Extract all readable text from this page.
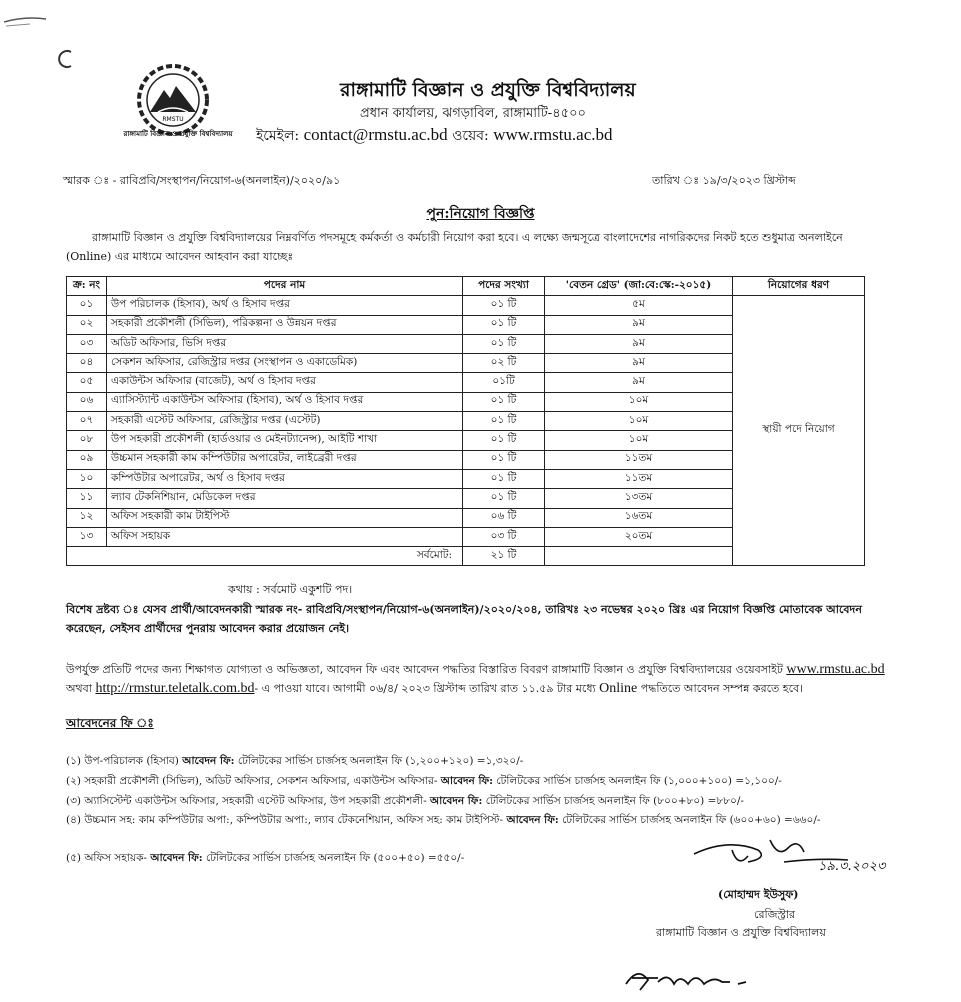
RMSTU
রাঙ্গামাটি বিজ্ঞান ও প্রযুক্তি বিশ্ববিদ্যালয়
রাঙ্গামাটি বিজ্ঞান ও প্রযুক্তি বিশ্ববিদ্যালয়
প্রধান কার্যালয়, ঝগড়াবিল, রাঙ্গামাটি-৪৫০০
ইমেইল: contact@rmstu.ac.bd ওয়েব: www.rmstu.ac.bd
স্মারক ঃ - রাবিপ্রবি/সংস্থাপন/নিয়োগ-৬(অনলাইন)/২০২০/৯১	তারিখ ঃ ১৯/৩/২০২৩ খ্রিস্টাব্দ
পুন:নিয়োগ বিজ্ঞপ্তি
রাঙ্গামাটি বিজ্ঞান ও প্রযুক্তি বিশ্ববিদ্যালয়ের নিম্নবর্ণিত পদসমূহে কর্মকর্তা ও কর্মচারী নিয়োগ করা হবে। এ লক্ষ্যে জন্মসূত্রে বাংলাদেশের নাগরিকদের নিকট হতে শুধুমাত্র অনলাইনে (Online) এর মাধ্যমে আবেদন আহবান করা যাচ্ছেঃ
ক্র: নং	পদের নাম	পদের সংখ্যা	'বেতন গ্রেড' (জা:বে:স্কে:-২০১৫)	নিয়োগের ধরণ
০১	উপ পরিচালক (হিসাব), অর্থ ও হিসাব দপ্তর	০১ টি	৫ম	স্থায়ী পদে নিয়োগ
০২	সহকারী প্রকৌশলী (সিভিল), পরিকল্পনা ও উন্নয়ন দপ্তর	০১ টি	৯ম	
০৩	অডিট অফিসার, ভিসি দপ্তর	০১ টি	৯ম	
০৪	সেকশন অফিসার, রেজিস্ট্রার দপ্তর (সংস্থাপন ও একাডেমিক)	০২ টি	৯ম	
০৫	একাউন্টস অফিসার (বাজেট), অর্থ ও হিসাব দপ্তর	০১টি	৯ম	
০৬	এ্যাসিস্ট্যান্ট একাউন্টস অফিসার (হিসাব), অর্থ ও হিসাব দপ্তর	০১ টি	১০ম	
০৭	সহকারী এস্টেট অফিসার, রেজিস্ট্রার দপ্তর (এস্টেট)	০১ টি	১০ম	
০৮	উপ সহকারী প্রকৌশলী (হার্ডওয়ার ও মেইনট্যানেন্স), আইটি শাখা	০১ টি	১০ম	
০৯	উচ্চমান সহকারী কাম কম্পিউটার অপারেটর, লাইব্রেরী দপ্তর	০১ টি	১১তম	
১০	কম্পিউটার অপারেটর, অর্থ ও হিসাব দপ্তর	০১ টি	১১তম	
১১	ল্যাব টেকনিশিয়ান, মেডিকেল দপ্তর	০১ টি	১৩তম	
১২	অফিস সহকারী কাম টাইপিস্ট	০৬ টি	১৬তম	
১৩	অফিস সহায়ক	০৩ টি	২০তম	
সর্বমোট:		২১ টি		
কথায় : সর্বমোট একুশটি পদ।
বিশেষ দ্রষ্টব্য ঃ যেসব প্রার্থী/আবেদনকারী স্মারক নং- রাবিপ্রবি/সংস্থাপন/নিয়োগ-৬(অনলাইন)/২০২০/২০৪, তারিখঃ ২৩ নভেম্বর ২০২০ খ্রিঃ এর নিয়োগ বিজ্ঞপ্তি মোতাবেক আবেদন করেছেন, সেইসব প্রার্থীদের পুনরায় আবেদন করার প্রয়োজন নেই।
উপর্যুক্ত প্রতিটি পদের জন্য শিক্ষাগত যোগ্যতা ও অভিজ্ঞতা, আবেদন ফি এবং আবেদন পদ্ধতির বিস্তারিত বিবরণ রাঙ্গামাটি বিজ্ঞান ও প্রযুক্তি বিশ্ববিদ্যালয়ের ওয়েবসাইট www.rmstu.ac.bd অথবা http://rmstur.teletalk.com.bd- এ পাওয়া যাবে। আগামী ০৬/৪/ ২০২৩ খ্রিস্টাব্দ তারিখ রাত ১১.৫৯ টার মধ্যে Online পদ্ধতিতে আবেদন সম্পন্ন করতে হবে।
আবেদনের ফি ঃ
(১) উপ-পরিচালক (হিসাব) আবেদন ফি: টেলিটকের সার্ভিস চার্জসহ অনলাইন ফি (১,২০০+১২০) =১,৩২০/-
(২) সহকারী প্রকৌশলী (সিভিল), অডিট অফিসার, সেকশন অফিসার, একাউন্টস অফিসার- আবেদন ফি: টেলিটকের সার্ভিস চার্জসহ অনলাইন ফি (১,০০০+১০০) =১,১০০/-
(৩) অ্যাসিস্টেন্ট একাউন্টস অফিসার, সহকারী এস্টেট অফিসার, উপ সহকারী প্রকৌশলী- আবেদন ফি: টেলিটকের সার্ভিস চার্জসহ অনলাইন ফি (৮০০+৮০) =৮৮০/-
(৪) উচ্চমান সহ: কাম কম্পিউটার অপা:, কম্পিউটার অপা:, ল্যাব টেকনেশিয়ান, অফিস সহ: কাম টাইপিস্ট- আবেদন ফি: টেলিটকের সার্ভিস চার্জসহ অনলাইন ফি (৬০০+৬০) =৬৬০/-
(৫) অফিস সহায়ক- আবেদন ফি: টেলিটকের সার্ভিস চার্জসহ অনলাইন ফি (৫০০+৫০) =৫৫০/-
১৯.৩.২০২৩
(মোহাম্মদ ইউসুফ)
রেজিস্ট্রার
রাঙ্গামাটি বিজ্ঞান ও প্রযুক্তি বিশ্ববিদ্যালয়
